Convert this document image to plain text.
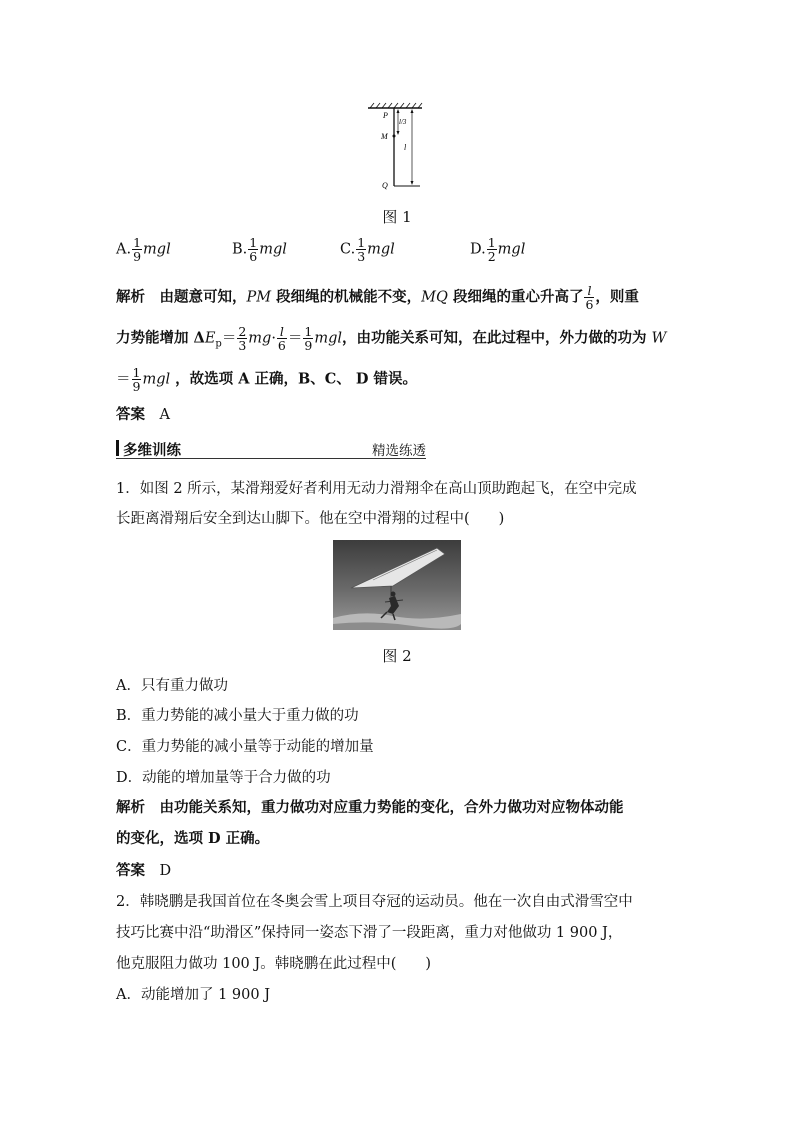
P
M
Q
l/3
l
图 1
A. $\frac{1}{9}$ mgl	B. $\frac{1}{6}$ mgl	C. $\frac{1}{3}$ mgl	D. $\frac{1}{2}$ mgl
解析　 由题意可知，PM 段细绳的机械能不变，MQ 段细绳的重心升高了 $\frac{l}{6}$ ，则重
力势能增加 $\Delta E_p= \frac{2}{3} mg\cdot \frac{l}{6} = \frac{1}{9}$ mgl，由功能关系可知，在此过程中，外力做的功为 W
＝ $\frac{1}{9}$ mgl ，故选项 A 正确，B、C、 D 错误。
答案　 A
多维训练	精选练透
1．如图 2 所示，某滑翔爱好者利用无动力滑翔伞在高山顶助跑起飞，在空中完成
长距离滑翔后安全到达山脚下。他在空中滑翔的过程中(　　)
图 2
A．只有重力做功
B．重力势能的减小量大于重力做的功
C．重力势能的减小量等于动能的增加量
D．动能的增加量等于合力做的功
解析　 由功能关系知，重力做功对应重力势能的变化，合外力做功对应物体动能
的变化，选项 D 正确。
答案　 D
2．韩晓鹏是我国首位在冬奥会雪上项目夺冠的运动员。他在一次自由式滑雪空中
技巧比赛中沿“助滑区”保持同一姿态下滑了一段距离，重力对他做功 1 900 J，
他克服阻力做功 100 J。韩晓鹏在此过程中(　　)
A．动能增加了 1 900 J
